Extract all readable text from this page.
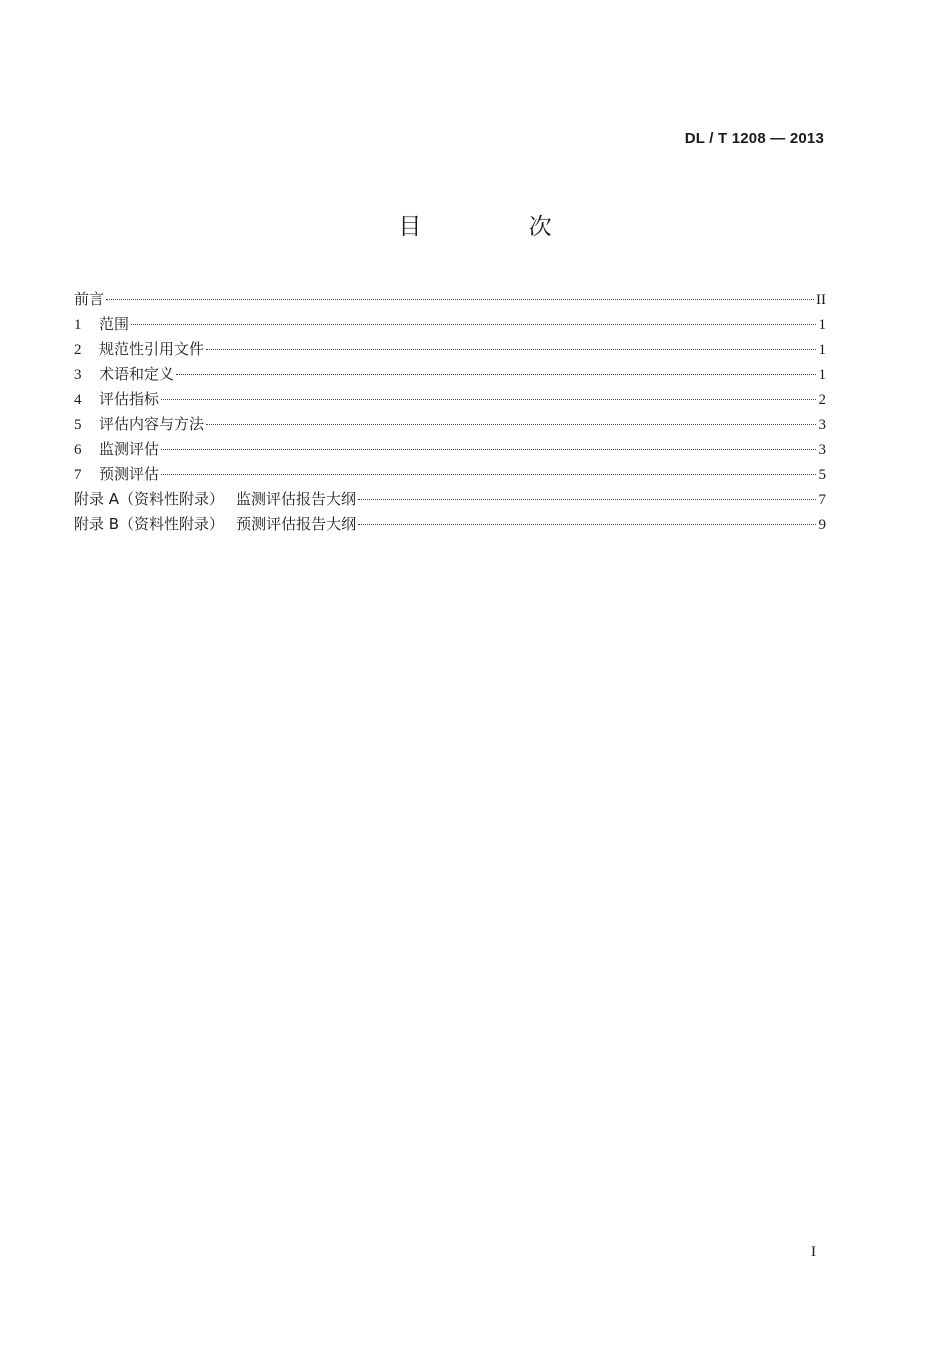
DL / T 1208 — 2013
目 次
前言	II
1	范围	1
2	规范性引用文件	1
3	术语和定义	1
4	评估指标	2
5	评估内容与方法	3
6	监测评估	3
7	预测评估	5
附录 A（资料性附录） 监测评估报告大纲	7
附录 B（资料性附录） 预测评估报告大纲	9
I
